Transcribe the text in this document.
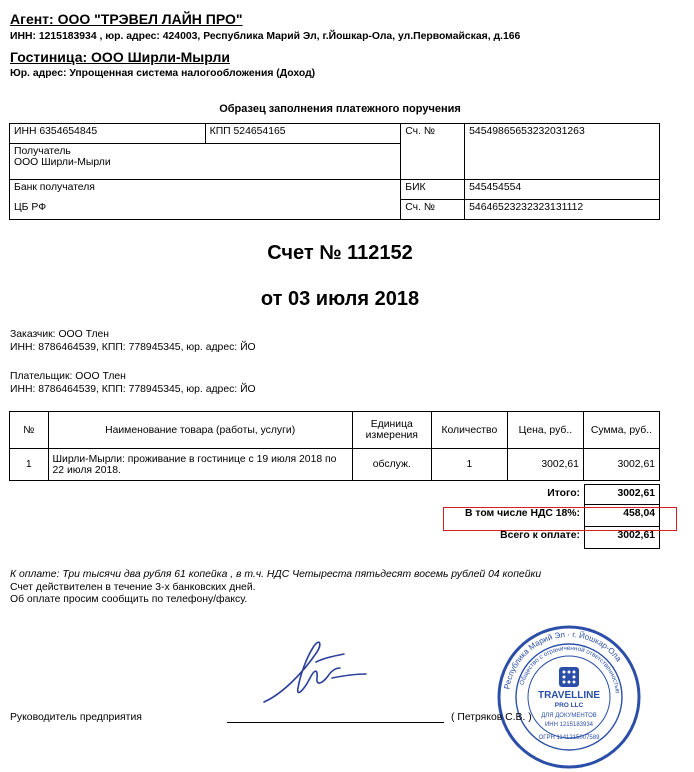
Агент: ООО "ТРЭВЕЛ ЛАЙН ПРО"
ИНН: 1215183934 , юр. адрес: 424003, Республика Марий Эл, г.Йошкар-Ола, ул.Первомайская, д.166
Гостиница: ООО Ширли-Мырли
Юр. адрес: Упрощенная система налогообложения (Доход)
Образец заполнения платежного поручения
ИНН 6354654845	КПП 524654165	Сч. №	54549865653232031263

Получатель
ООО Ширли-Мырли			

Банк получателя		БИК	545454554
ЦБ РФ		Сч. №	54646523232323131112
Счет № 112152
от 03 июля 2018
Заказчик: ООО Тлен
ИНН: 8786464539, КПП: 778945345, юр. адрес: ЙО
Плательщик: ООО Тлен
ИНН: 8786464539, КПП: 778945345, юр. адрес: ЙО
№	Наименование товара (работы, услуги)	Единица измерения	Количество	Цена, руб..	Сумма, руб..
1	Ширли-Мырли: проживание в гостинице с 19 июля 2018 по 22 июля 2018.	обслуж.	1	3002,61	3002,61
Итого:	3002,61
В том числе НДС 18%:	458,04
Всего к оплате:	3002,61
К оплате: Три тысячи два рубля 61 копейка , в т.ч. НДС Четыреста пятьдесят восемь рублей 04 копейки
Счет действителен в течение 3-х банковских дней.
Об оплате просим сообщить по телефону/факсу.
Республика Марий Эл · г. Йошкар-Ола
Общество с ограниченной ответственностью
TRAVELLINE
PRO LLC
ДЛЯ ДОКУМЕНТОВ
ИНН 1215183934
ОГРН 1141215007589
Руководитель предприятия	( Петряков С.В. )
